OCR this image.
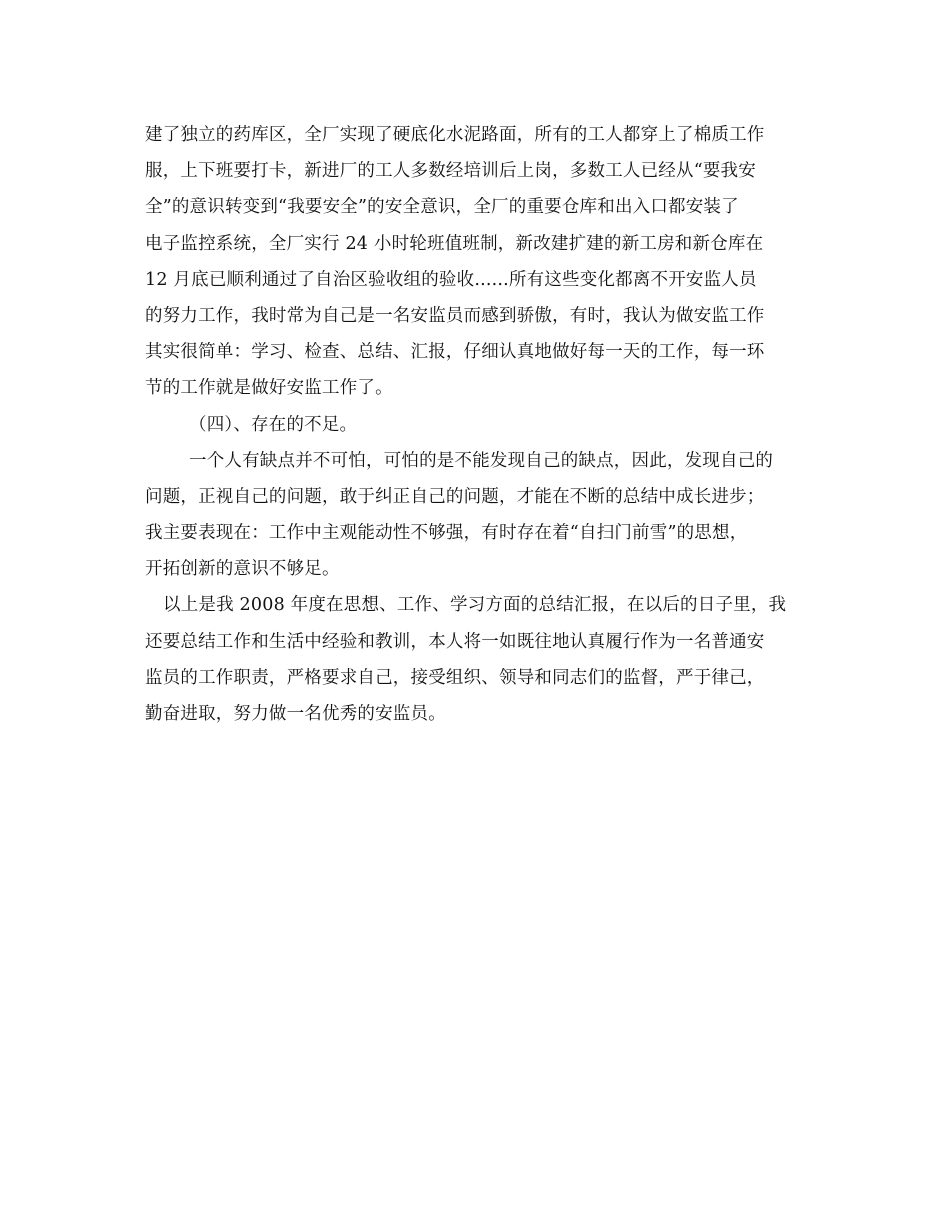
建了独立的药库区，全厂实现了硬底化水泥路面，所有的工人都穿上了棉质工作
服，上下班要打卡，新进厂的工人多数经培训后上岗，多数工人已经从“要我安
全”的意识转变到“我要安全”的安全意识，全厂的重要仓库和出入口都安装了
电子监控系统，全厂实行 24 小时轮班值班制，新改建扩建的新工房和新仓库在
12 月底已顺利通过了自治区验收组的验收......所有这些变化都离不开安监人员
的努力工作，我时常为自己是一名安监员而感到骄傲，有时，我认为做安监工作
其实很简单：学习、检查、总结、汇报，仔细认真地做好每一天的工作，每一环
节的工作就是做好安监工作了。
（四）、存在的不足。
一个人有缺点并不可怕，可怕的是不能发现自己的缺点，因此，发现自己的
问题，正视自己的问题，敢于纠正自己的问题，才能在不断的总结中成长进步；
我主要表现在：工作中主观能动性不够强，有时存在着“自扫门前雪”的思想，
开拓创新的意识不够足。
以上是我 2008 年度在思想、工作、学习方面的总结汇报，在以后的日子里，我
还要总结工作和生活中经验和教训，本人将一如既往地认真履行作为一名普通安
监员的工作职责，严格要求自己，接受组织、领导和同志们的监督，严于律己，
勤奋进取，努力做一名优秀的安监员。
